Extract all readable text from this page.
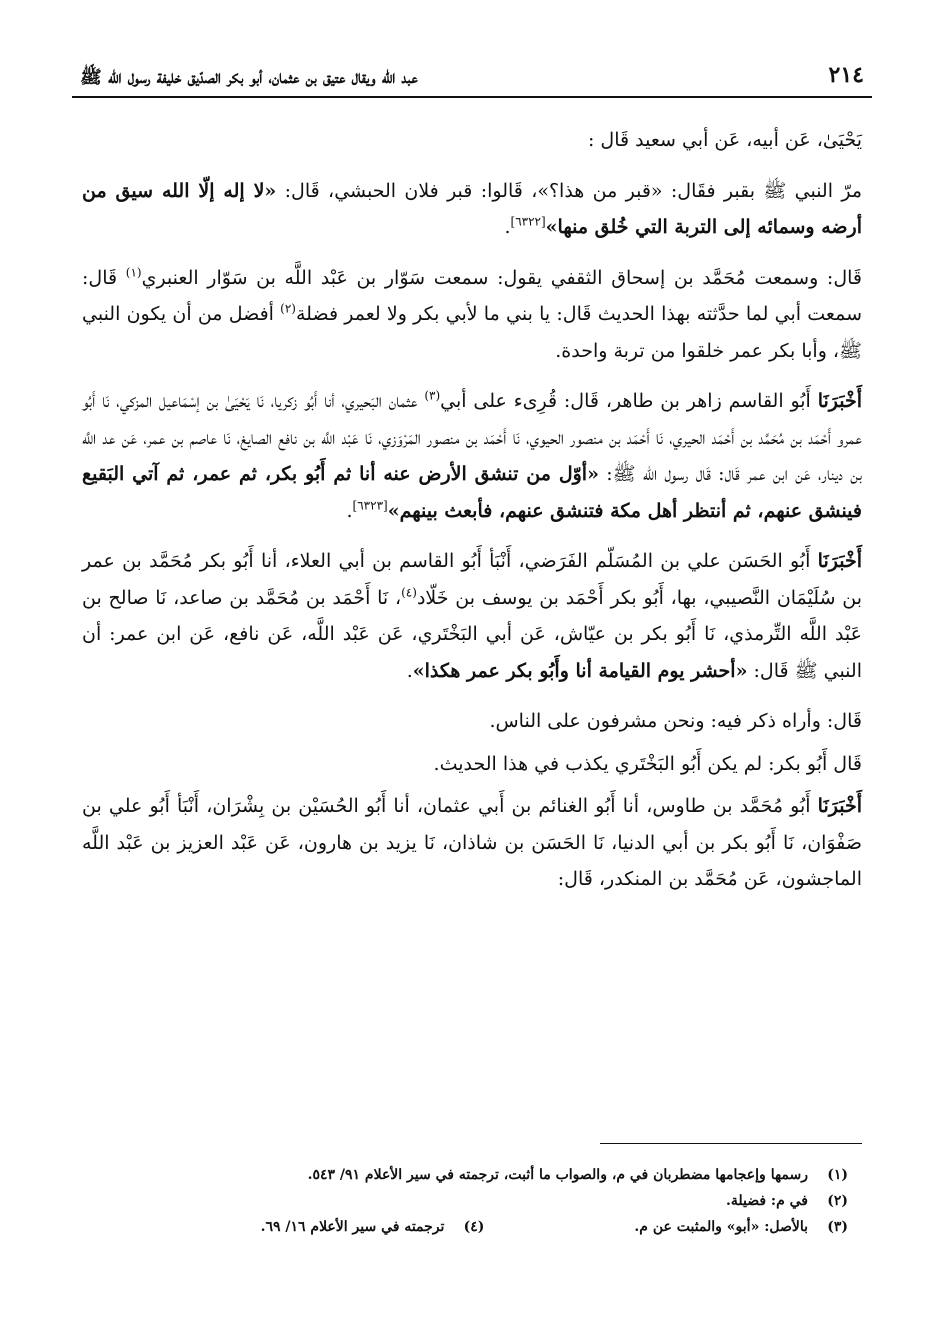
٢١٤
عبد الله ويقال عتيق بن عثمان، أبو بكر الصدّيق خليفة رسول الله ﷺ

يَحْيَىٰ، عَن أبيه، عَن أبي سعيد قَال :

مرّ النبي ﷺ بقبر فقَال: «قبر من هذا؟»، قَالوا: قبر فلان الحبشي، قَال: «لا إله إلّا الله سيق من أرضه وسمائه إلى التربة التي خُلق منها»[٦٣٢٢].

قَال: وسمعت مُحَمَّد بن إسحاق الثقفي يقول: سمعت سَوّار بن عَبْد اللَّه بن سَوّار العنبري$^{(١)}$ قَال: سمعت أبي لما حدَّثته بهذا الحديث قَال: يا بني ما لأبي بكر ولا لعمر فضلة$^{(٢)}$ أفضل من أن يكون النبي ﷺ، وأبا بكر عمر خلقوا من تربة واحدة.

أَخْبَرَنَا أَبُو القاسم زاهر بن طاهر، قَال: قُرِىء على أبي$^{(٣)}$ عثمان البَحيري، أنا أَبُو زكريا، نَا يَحْيَىٰ بن إسْمَاعيل المزكي، نَا أَبُو عمرو أَحْمَد بن مُحَمَّد بن أَحْمَد الحيري، نَا أَحْمَد بن منصور الحيوي، نَا أَحْمَد بن منصور المَرْوَزي، نَا عَبْد اللَّه بن نافع الصايغ، نَا عاصم بن عمر، عَن عد اللَّه بن دينار، عَن ابن عمر قَال: قَال رسول الله ﷺ: «أوّل من تنشق الأرض عنه أنا ثم أَبُو بكر، ثم عمر، ثم آتي البَقيع فينشق عنهم، ثم أنتظر أهل مكة فتنشق عنهم، فأبعث بينهم»[٦٣٢٣].

أَخْبَرَنَا أَبُو الحَسَن علي بن المُسَلّم الفَرَضي، أَنْبَأ أَبُو القاسم بن أبي العلاء، أنا أَبُو بكر مُحَمَّد بن عمر بن سُلَيْمَان النَّصيبي، بها، أَبُو بكر أَحْمَد بن يوسف بن خَلّاد$^{(٤)}$، نَا أَحْمَد بن مُحَمَّد بن صاعد، نَا صالح بن عَبْد اللَّه التِّرمذي، نَا أَبُو بكر بن عيّاش، عَن أبي البَخْتَري، عَن عَبْد اللَّه، عَن نافع، عَن ابن عمر: أن النبي ﷺ قَال: «أحشر يوم القيامة أنا وأَبُو بكر عمر هكذا».

قَال: وأراه ذكر فيه: ونحن مشرفون على الناس.

قَال أَبُو بكر: لم يكن أَبُو البَخْتَري يكذب في هذا الحديث.

أَخْبَرَنَا أَبُو مُحَمَّد بن طاوس، أنا أَبُو الغنائم بن أَبي عثمان، أنا أَبُو الحُسَيْن بن بِشْرَان، أَنْبَأ أَبُو علي بن صَفْوَان، نَا أَبُو بكر بن أبي الدنيا، نَا الحَسَن بن شاذان، نَا يزيد بن هارون، عَن عَبْد العزيز بن عَبْد اللَّه الماجشون، عَن مُحَمَّد بن المنكدر، قَال:

(١)
رسمها وإعجامها مضطربان في م، والصواب ما أثبت، ترجمته في سير الأعلام ٩١/ ٥٤٣.
(٢)
في م: فضيلة.
(٣)
بالأصل: «أبو» والمثبت عن م.
(٤)
ترجمته في سير الأعلام ١٦/ ٦٩.
